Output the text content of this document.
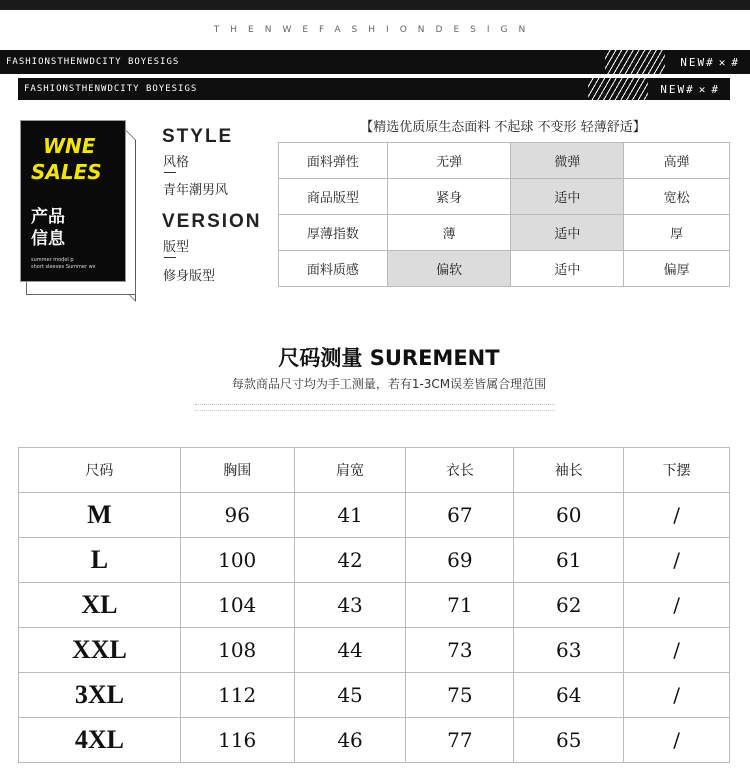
THENWEFASHIONDESIGN
FASHIONSTHENWDCITY BOYESIGS	NEW# ✕ #
FASHIONSTHENWDCITY BOYESIGS	NEW# ✕ #
WNE
SALES
产品
信息
summer model p
short sleeves Summer ws
STYLE
风格
青年潮男风
VERSION
版型
修身版型
【精选优质原生态面料 不起球 不变形 轻薄舒适】
面料弹性	无弹	微弹	高弹
商品版型	紧身	适中	宽松
厚薄指数	薄	适中	厚
面料质感	偏软	适中	偏厚
尺码测量 SUREMENT
每款商品尺寸均为手工测量，若有1-3CM误差皆属合理范围
尺码	胸围	肩宽	衣长	袖长	下摆
M	96	41	67	60	/
L	100	42	69	61	/
XL	104	43	71	62	/
XXL	108	44	73	63	/
3XL	112	45	75	64	/
4XL	116	46	77	65	/
